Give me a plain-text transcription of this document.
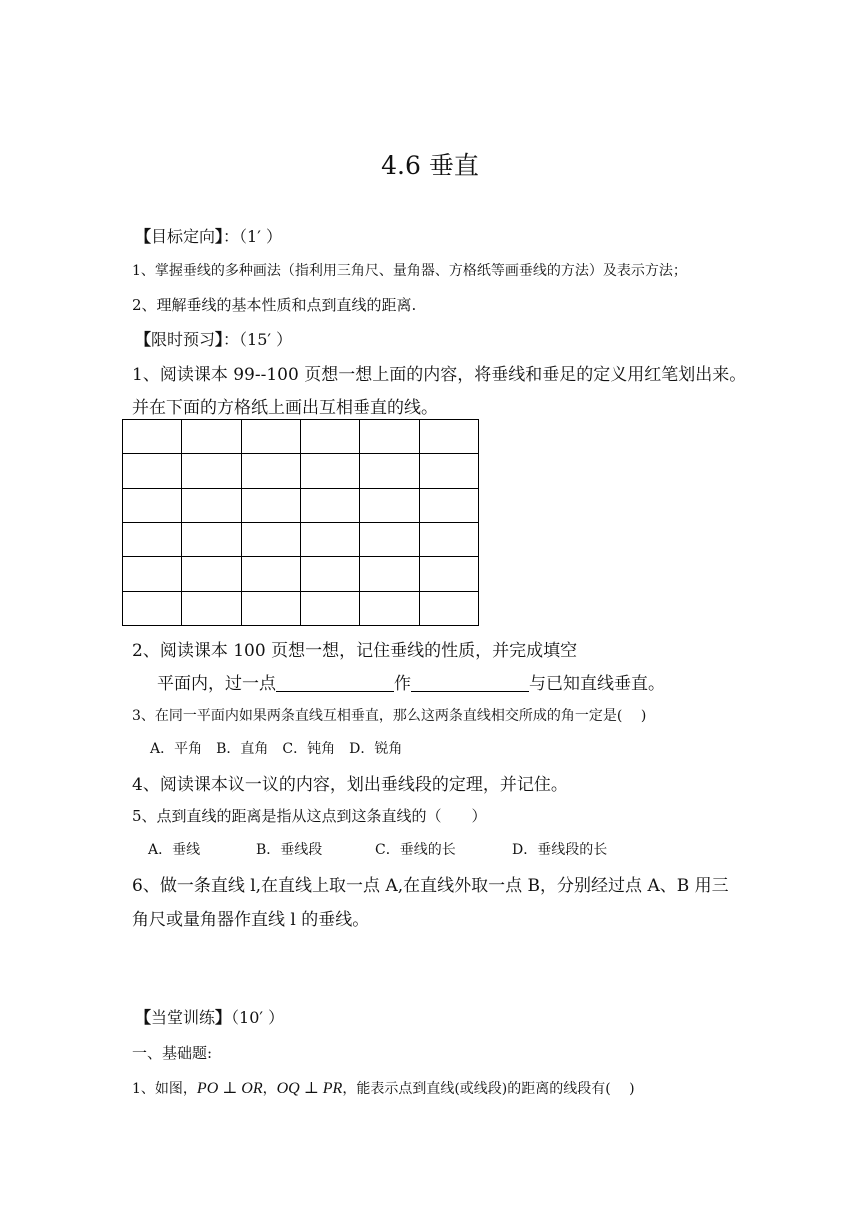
4.6 垂直
【目标定向】：（1′ ）
1、掌握垂线的多种画法（指利用三角尺、量角器、方格纸等画垂线的方法）及表示方法；
2、理解垂线的基本性质和点到直线的距离.
【限时预习】：（15′ ）
1、阅读课本 99--100 页想一想上面的内容，将垂线和垂足的定义用红笔划出来。
并在下面的方格纸上画出互相垂直的线。

2、阅读课本 100 页想一想，记住垂线的性质，并完成填空
平面内，过一点	作	与已知直线垂直。
3、在同一平面内如果两条直线互相垂直，那么这两条直线相交所成的角一定是(　 )
A．平角　B．直角　C．钝角　D．锐角
4、阅读课本议一议的内容，划出垂线段的定理，并记住。
5、点到直线的距离是指从这点到这条直线的（　　）
A．垂线	B．垂线段	C．垂线的长	D．垂线段的长
6、做一条直线 l,在直线上取一点 A,在直线外取一点 B，分别经过点 A、B 用三
角尺或量角器作直线 l 的垂线。
【当堂训练】（10′ ）
一、基础题:
1、如图，PO ⊥ OR，OQ ⊥ PR，能表示点到直线(或线段)的距离的线段有(　 )
